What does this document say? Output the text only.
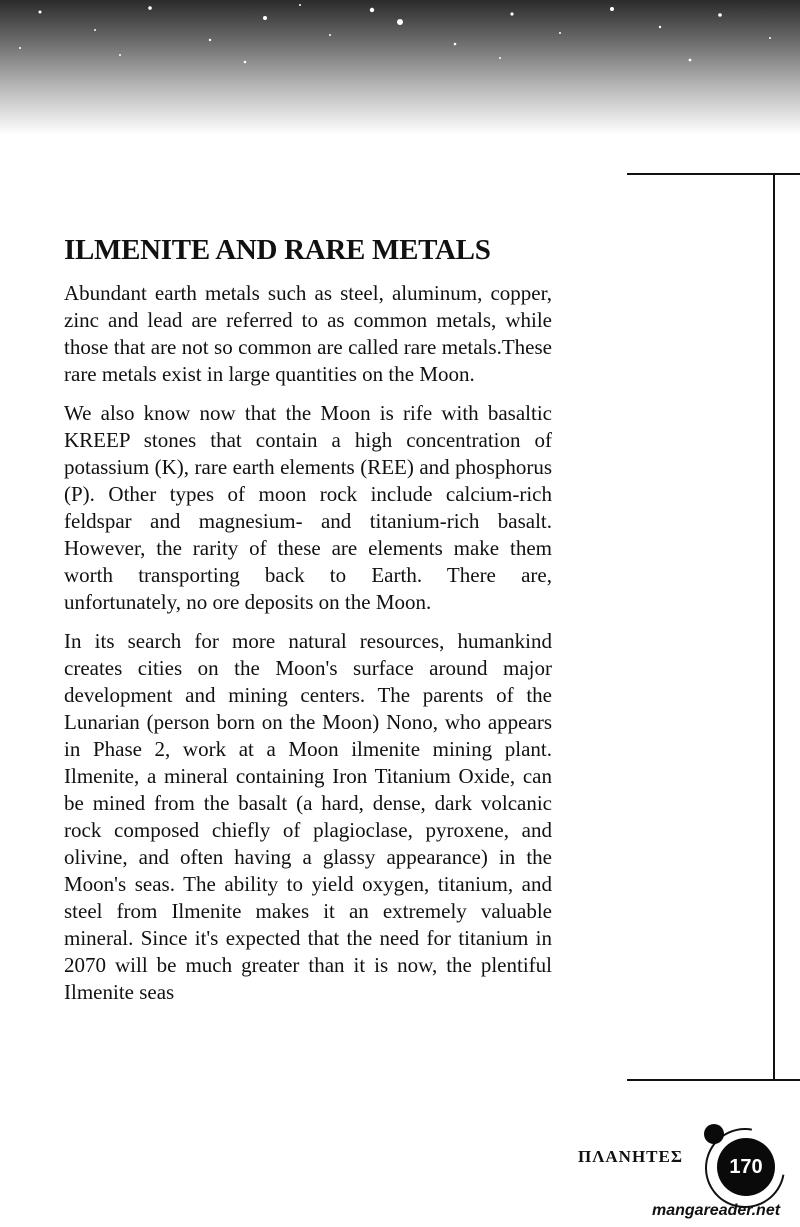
ILMENITE AND RARE METALS

Abundant earth metals such as steel, aluminum, copper, zinc and lead are referred to as common metals, while those that are not so common are called rare metals.These rare metals exist in large quantities on the Moon.

We also know now that the Moon is rife with basaltic KREEP stones that contain a high concentration of potassium (K), rare earth elements (REE) and phosphorus (P). Other types of moon rock include calcium-rich feldspar and magnesium- and titanium-rich basalt. However, the rarity of these are elements make them worth transporting back to Earth. There are, unfortunately, no ore deposits on the Moon.

In its search for more natural resources, humankind creates cities on the Moon's surface around major development and mining centers. The parents of the Lunarian (person born on the Moon) Nono, who appears in Phase 2, work at a Moon ilmenite mining plant. Ilmenite, a mineral containing Iron Titanium Oxide, can be mined from the basalt (a hard, dense, dark volcanic rock composed chiefly of plagioclase, pyroxene, and olivine, and often having a glassy appearance) in the Moon's seas. The ability to yield oxygen, titanium, and steel from Ilmenite makes it an extremely valuable mineral. Since it's expected that the need for titanium in 2070 will be much greater than it is now, the plentiful Ilmenite seas

ΠΛΑΝΗΤΕΣ 170
mangareader.net
